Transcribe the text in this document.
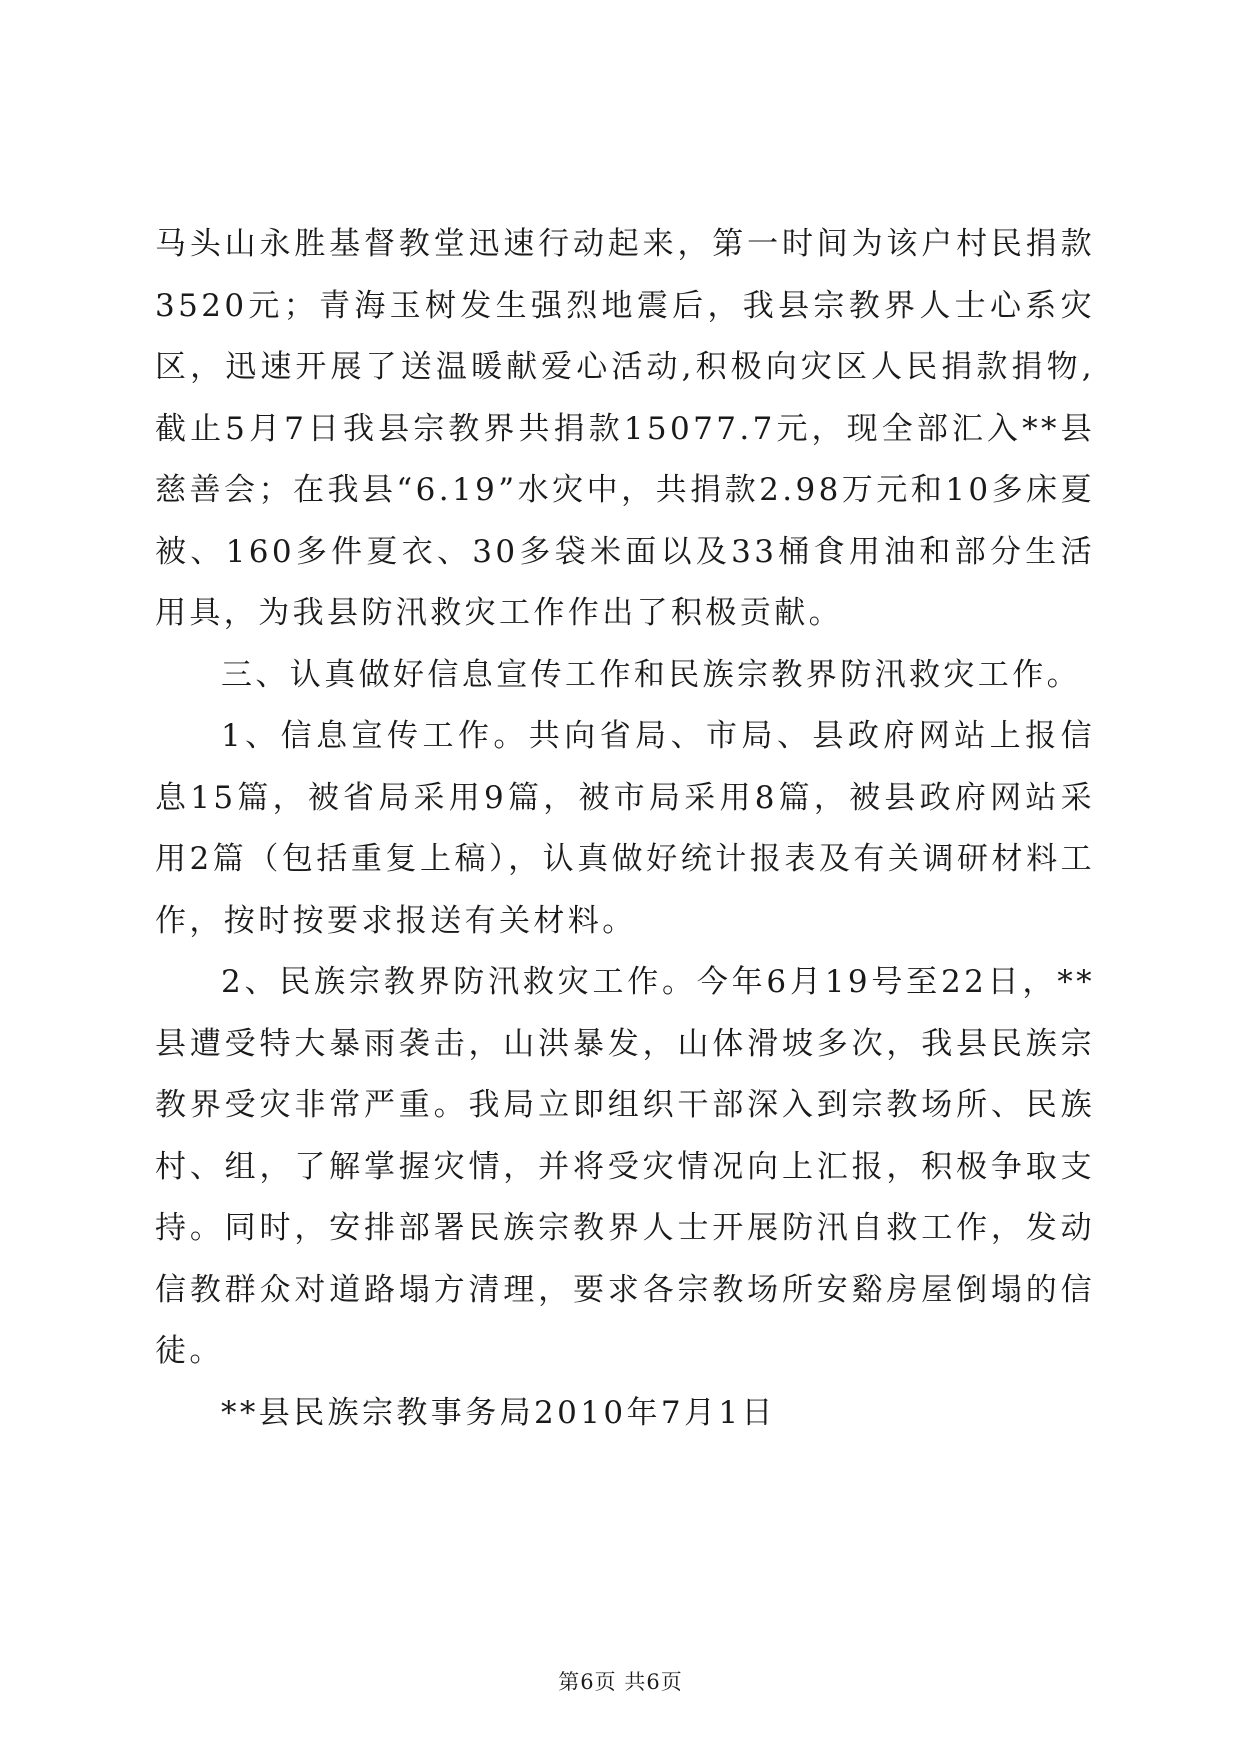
马头山永胜基督教堂迅速行动起来，第一时间为该户村民捐款3520元；青海玉树发生强烈地震后，我县宗教界人士心系灾区，迅速开展了送温暖献爱心活动,积极向灾区人民捐款捐物,截止5月7日我县宗教界共捐款15077.7元，现全部汇入**县慈善会；在我县“6.19”水灾中，共捐款2.98万元和10多床夏被、160多件夏衣、30多袋米面以及33桶食用油和部分生活用具，为我县防汛救灾工作作出了积极贡献。

三、认真做好信息宣传工作和民族宗教界防汛救灾工作。

1、信息宣传工作。共向省局、市局、县政府网站上报信息15篇，被省局采用9篇，被市局采用8篇，被县政府网站采用2篇（包括重复上稿），认真做好统计报表及有关调研材料工作，按时按要求报送有关材料。

2、民族宗教界防汛救灾工作。今年6月19号至22日，**县遭受特大暴雨袭击，山洪暴发，山体滑坡多次，我县民族宗教界受灾非常严重。我局立即组织干部深入到宗教场所、民族村、组，了解掌握灾情，并将受灾情况向上汇报，积极争取支持。同时，安排部署民族宗教界人士开展防汛自救工作，发动信教群众对道路塌方清理，要求各宗教场所安谿房屋倒塌的信徒。

**县民族宗教事务局2010年7月1日

第6页 共6页
